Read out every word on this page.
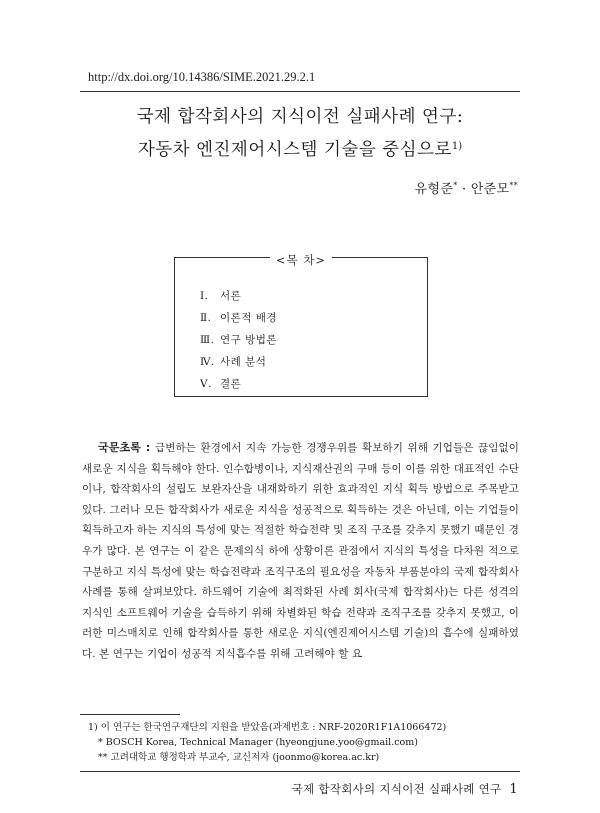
http://dx.doi.org/10.14386/SIME.2021.29.2.1
국제 합작회사의 지식이전 실패사례 연구:
자동차 엔진제어시스템 기술을 중심으로$^{1)}$
유형준* · 안준모**
<목 차>
Ⅰ. 서론
Ⅱ. 이론적 배경
Ⅲ. 연구 방법론
Ⅳ. 사례 분석
Ⅴ. 결론
국문초록 : 급변하는 환경에서 지속 가능한 경쟁우위를 확보하기 위해 기업들은 끊임없이 새로운 지식을 획득해야 한다. 인수합병이나, 지식재산권의 구매 등이 이를 위한 대표적인 수단이나, 합작회사의 설립도 보완자산을 내재화하기 위한 효과적인 지식 획득 방법으로 주목받고 있다. 그러나 모든 합작회사가 새로운 지식을 성공적으로 획득하는 것은 아닌데, 이는 기업들이 획득하고자 하는 지식의 특성에 맞는 적절한 학습전략 및 조직 구조를 갖추지 못했기 때문인 경우가 많다. 본 연구는 이 같은 문제의식 하에 상황이론 관점에서 지식의 특성을 다차원 적으로 구분하고 지식 특성에 맞는 학습전략과 조직구조의 필요성을 자동차 부품분야의 국제 합작회사 사례를 통해 살펴보았다. 하드웨어 기술에 최적화된 사례 회사(국제 합작회사)는 다른 성격의 지식인 소프트웨어 기술을 습득하기 위해 차별화된 학습 전략과 조직구조를 갖추지 못했고, 이러한 미스매치로 인해 합작회사를 통한 새로운 지식(엔진제어시스템 기술)의 흡수에 실패하였다. 본 연구는 기업이 성공적 지식흡수를 위해 고려해야 할 요
1) 이 연구는 한국연구재단의 지원을 받았음(과제번호 : NRF-2020R1F1A1066472)
* BOSCH Korea, Technical Manager (hyeongjune.yoo@gmail.com)
** 고려대학교 행정학과 부교수, 교신저자 (joonmo@korea.ac.kr)
국제 합작회사의 지식이전 실패사례 연구 1
